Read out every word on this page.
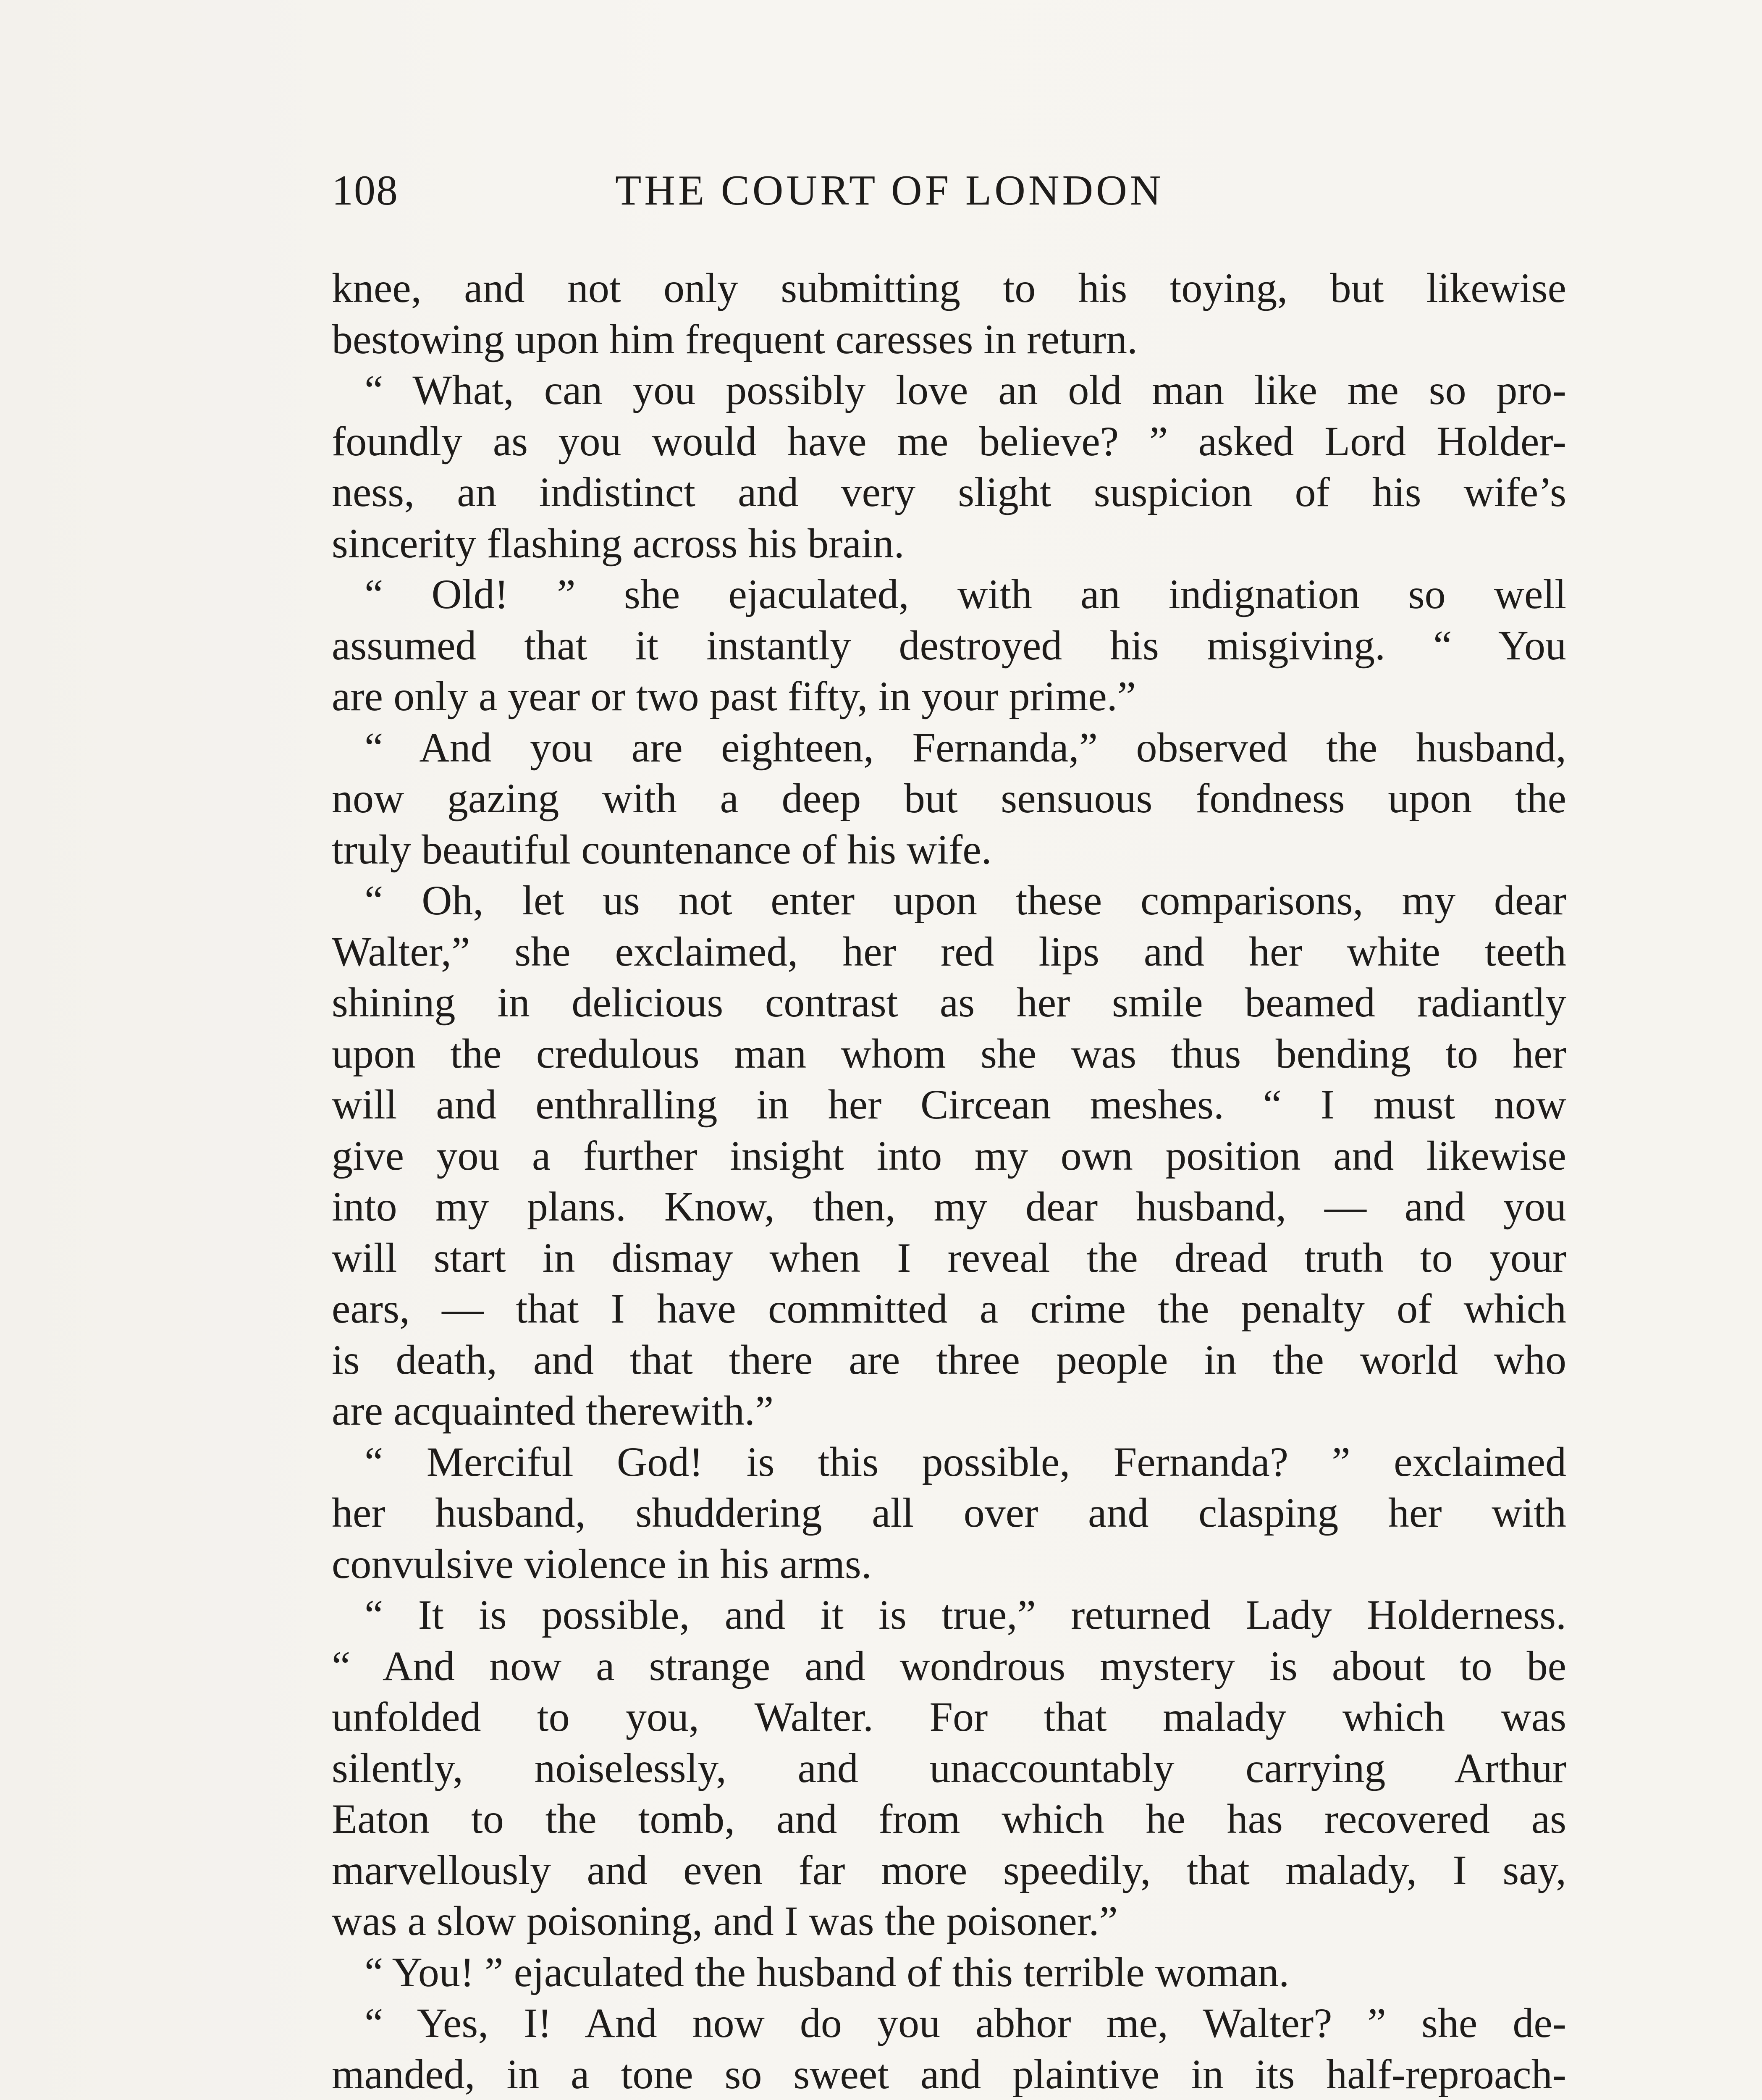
108	THE COURT OF LONDON
knee, and not only submitting to his toying, but likewise
bestowing upon him frequent caresses in return.
“ What, can you possibly love an old man like me so pro-
foundly as you would have me believe? ” asked Lord Holder-
ness, an indistinct and very slight suspicion of his wife’s
sincerity flashing across his brain.
“ Old! ” she ejaculated, with an indignation so well
assumed that it instantly destroyed his misgiving. “ You
are only a year or two past fifty, in your prime.”
“ And you are eighteen, Fernanda,” observed the husband,
now gazing with a deep but sensuous fondness upon the
truly beautiful countenance of his wife.
“ Oh, let us not enter upon these comparisons, my dear
Walter,” she exclaimed, her red lips and her white teeth
shining in delicious contrast as her smile beamed radiantly
upon the credulous man whom she was thus bending to her
will and enthralling in her Circean meshes. “ I must now
give you a further insight into my own position and likewise
into my plans. Know, then, my dear husband, — and you
will start in dismay when I reveal the dread truth to your
ears, — that I have committed a crime the penalty of which
is death, and that there are three people in the world who
are acquainted therewith.”
“ Merciful God! is this possible, Fernanda? ” exclaimed
her husband, shuddering all over and clasping her with
convulsive violence in his arms.
“ It is possible, and it is true,” returned Lady Holderness.
“ And now a strange and wondrous mystery is about to be
unfolded to you, Walter. For that malady which was
silently, noiselessly, and unaccountably carrying Arthur
Eaton to the tomb, and from which he has recovered as
marvellously and even far more speedily, that malady, I say,
was a slow poisoning, and I was the poisoner.”
“ You! ” ejaculated the husband of this terrible woman.
“ Yes, I! And now do you abhor me, Walter? ” she de-
manded, in a tone so sweet and plaintive in its half-reproach-
